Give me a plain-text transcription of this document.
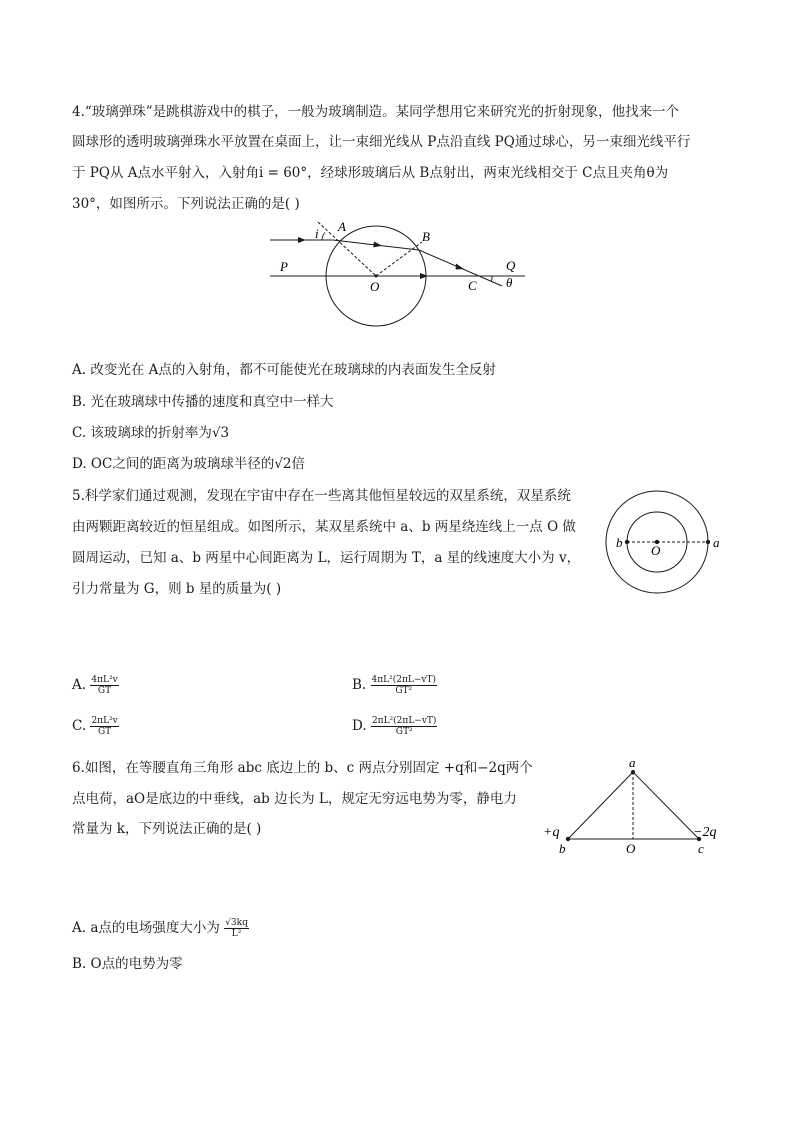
4.“玻璃弹珠”是跳棋游戏中的棋子，一般为玻璃制造。某同学想用它来研究光的折射现象，他找来一个
圆球形的透明玻璃弹珠水平放置在桌面上，让一束细光线从 P点沿直线 PQ通过球心，另一束细光线平行
于 PQ从 A点水平射入，入射角i = 60°，经球形玻璃后从 B点射出，两束光线相交于 C点且夹角θ为
30°，如图所示。下列说法正确的是( )
i A
B
P	Q
O	C θ
A. 改变光在 A点的入射角，都不可能使光在玻璃球的内表面发生全反射
B. 光在玻璃球中传播的速度和真空中一样大
C. 该玻璃球的折射率为√3
D. OC之间的距离为玻璃球半径的√2倍
5.科学家们通过观测，发现在宇宙中存在一些离其他恒星较远的双星系统，双星系统
由两颗距离较近的恒星组成。如图所示，某双星系统中 a、b 两星绕连线上一点 O 做
圆周运动，已知 a、b 两星中心间距离为 L，运行周期为 T，a 星的线速度大小为 v，
引力常量为 G，则 b 星的质量为( )
b
O
a
A. $\frac{\text{4πL²v}}{GT}$	B. $\frac{\text{4πL²(2πL−vT)}}{\text{GT²}}$
C. $\frac{\text{2πL²v}}{GT}$	D. $\frac{\text{2πL²(2πL−vT)}}{\text{GT²}}$
6.如图，在等腰直角三角形 abc 底边上的 b、c 两点分别固定 +q和−2q两个
点电荷，aO是底边的中垂线，ab 边长为 L，规定无穷远电势为零，静电力
常量为 k，下列说法正确的是( )
a
+q	−2q
b	O	c
A. a点的电场强度大小为 $\frac{√3kq}{\text{L²}}$
B. O点的电势为零
